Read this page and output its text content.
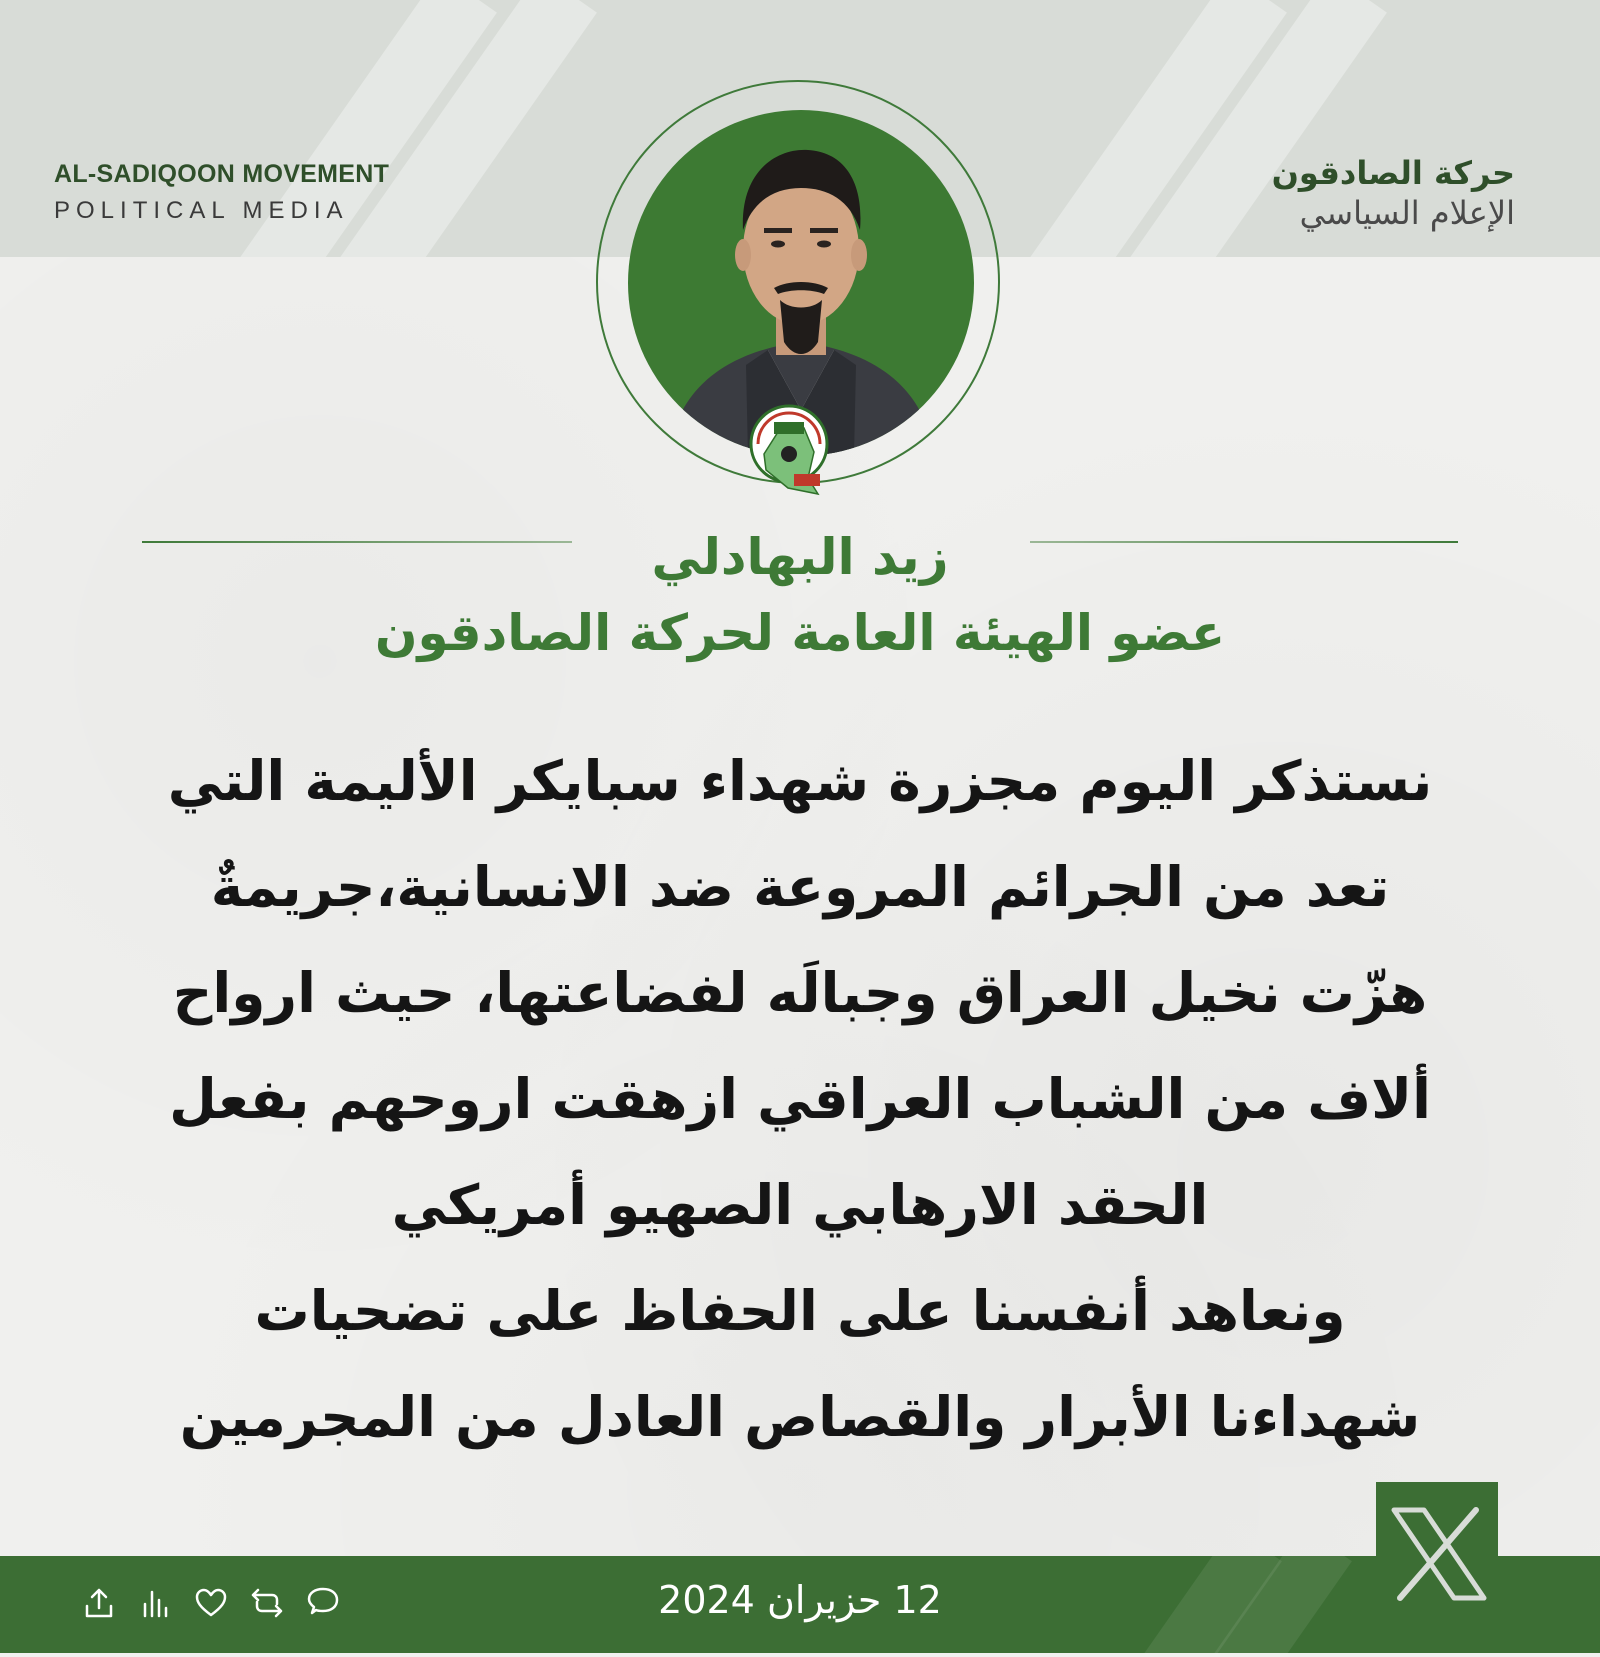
AL-SADIQOON MOVEMENT
POLITICAL MEDIA
حركة الصادقون
الإعلام السياسي
زيد البهادلي
عضو الهيئة العامة لحركة الصادقون
نستذكر اليوم مجزرة شهداء سبايكر الأليمة التي
تعد من الجرائم المروعة ضد الانسانية،جريمةٌ
هزّت نخيل العراق وجبالَه لفضاعتها، حيث ارواح
ألاف من الشباب العراقي ازهقت اروحهم بفعل
الحقد الارهابي الصهيو أمريكي
ونعاهد أنفسنا على الحفاظ على تضحيات
شهداءنا الأبرار والقصاص العادل من المجرمين
12 حزيران 2024
